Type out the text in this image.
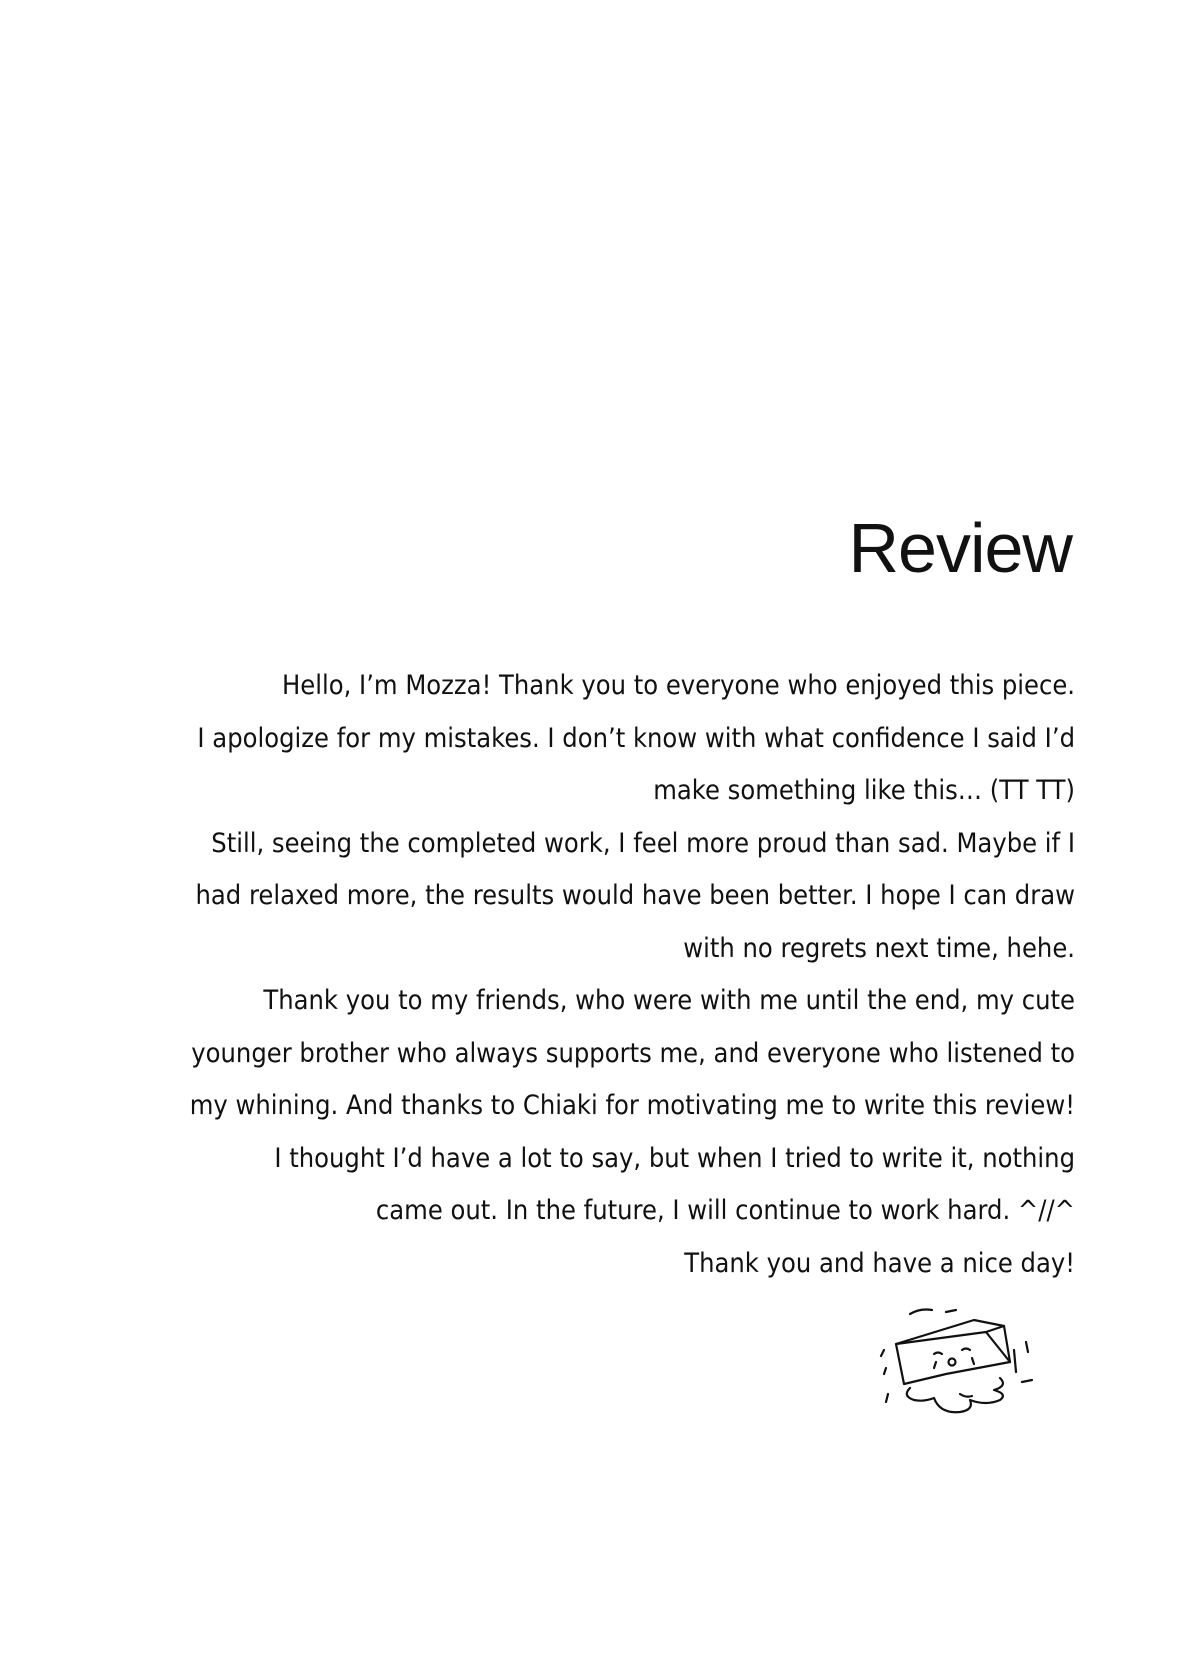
Review
Hello, I’m Mozza! Thank you to everyone who enjoyed this piece.
I apologize for my mistakes. I don’t know with what confidence I said I’d
make something like this… (TT TT)
Still, seeing the completed work, I feel more proud than sad. Maybe if I
had relaxed more, the results would have been better. I hope I can draw
with no regrets next time, hehe.
Thank you to my friends, who were with me until the end, my cute
younger brother who always supports me, and everyone who listened to
my whining. And thanks to Chiaki for motivating me to write this review!
I thought I’d have a lot to say, but when I tried to write it, nothing
came out. In the future, I will continue to work hard. ^//^
Thank you and have a nice day!
